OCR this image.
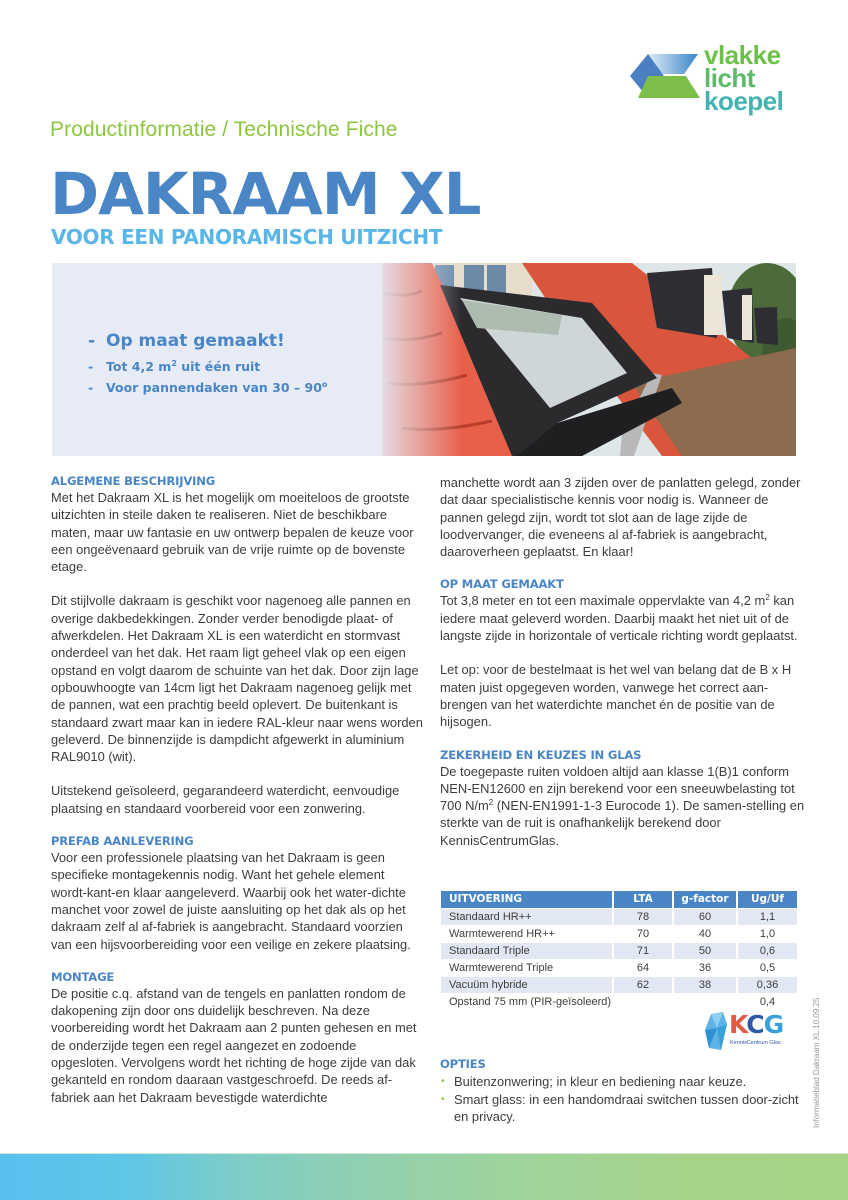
vlakke
licht
koepel
Productinformatie / Technische Fiche
DAKRAAM XL
VOOR EEN PANORAMISCH UITZICHT
- Op maat gemaakt!
- Tot 4,2 $m^2$ uit één ruit
- Voor pannendaken van 30 – 90$^o$
ALGEMENE BESCHRIJVING

Met het Dakraam XL is het mogelijk om moeiteloos de grootste uitzichten in steile daken te realiseren. Niet de beschikbare maten, maar uw fantasie en uw ontwerp bepalen de keuze voor een ongeëvenaard gebruik van de vrije ruimte op de bovenste etage.

Dit stijlvolle dakraam is geschikt voor nagenoeg alle pannen en overige dakbedekkingen. Zonder verder benodigde plaat- of afwerkdelen. Het Dakraam XL is een waterdicht en stormvast onderdeel van het dak. Het raam ligt geheel vlak op een eigen opstand en volgt daarom de schuinte van het dak. Door zijn lage opbouwhoogte van 14cm ligt het Dakraam nagenoeg gelijk met de pannen, wat een prachtig beeld oplevert. De buitenkant is standaard zwart maar kan in iedere RAL-kleur naar wens worden geleverd. De binnenzijde is dampdicht afgewerkt in aluminium RAL9010 (wit).

Uitstekend geïsoleerd, gegarandeerd waterdicht, eenvoudige plaatsing en standaard voorbereid voor een zonwering.

PREFAB AANLEVERING

Voor een professionele plaatsing van het Dakraam is geen specifieke montagekennis nodig. Want het gehele element wordt-kant-en klaar aangeleverd. Waarbij ook het water-dichte manchet voor zowel de juiste aansluiting op het dak als op het dakraam zelf al af-fabriek is aangebracht. Standaard voorzien van een hijsvoorbereiding voor een veilige en zekere plaatsing.

MONTAGE

De positie c.q. afstand van de tengels en panlatten rondom de dakopening zijn door ons duidelijk beschreven. Na deze voorbereiding wordt het Dakraam aan 2 punten gehesen en met de onderzijde tegen een regel aangezet en zodoende opgesloten. Vervolgens wordt het richting de hoge zijde van dak gekanteld en rondom daaraan vastgeschroefd. De reeds af-fabriek aan het Dakraam bevestigde waterdichte

manchette wordt aan 3 zijden over de panlatten gelegd, zonder dat daar specialistische kennis voor nodig is. Wanneer de pannen gelegd zijn, wordt tot slot aan de lage zijde de loodvervanger, die eveneens al af-fabriek is aangebracht, daaroverheen geplaatst. En klaar!

OP MAAT GEMAAKT

Tot 3,8 meter en tot een maximale oppervlakte van 4,2 $m^2$ kan iedere maat geleverd worden. Daarbij maakt het niet uit of de langste zijde in horizontale of verticale richting wordt geplaatst.

Let op: voor de bestelmaat is het wel van belang dat de B x H maten juist opgegeven worden, vanwege het correct aan-brengen van het waterdichte manchet én de positie van de hijsogen.

ZEKERHEID EN KEUZES IN GLAS

De toegepaste ruiten voldoen altijd aan klasse 1(B)1 conform NEN-EN12600 en zijn berekend voor een sneeuwbelasting tot 700 $N/m^2$ (NEN-EN1991-1-3 Eurocode 1). De samen-stelling en sterkte van de ruit is onafhankelijk berekend door KennisCentrumGlas.

UITVOERING	LTA	g-factor	Ug/Uf
Standaard HR++	78	60	1,1
Warmtewerend HR++	70	40	1,0
Standaard Triple	71	50	0,6
Warmtewerend Triple	64	36	0,5
Vacuüm hybride	62	38	0,36
Opstand 75 mm (PIR-geïsoleerd)			0,4
KCG
KennisCentrum Glas
OPTIES
• Buitenzonwering; in kleur en bediening naar keuze.
• Smart glass: in een handomdraai switchen tussen door-zicht en privacy.	Informatieblad Dakraam XL 10.09.25
